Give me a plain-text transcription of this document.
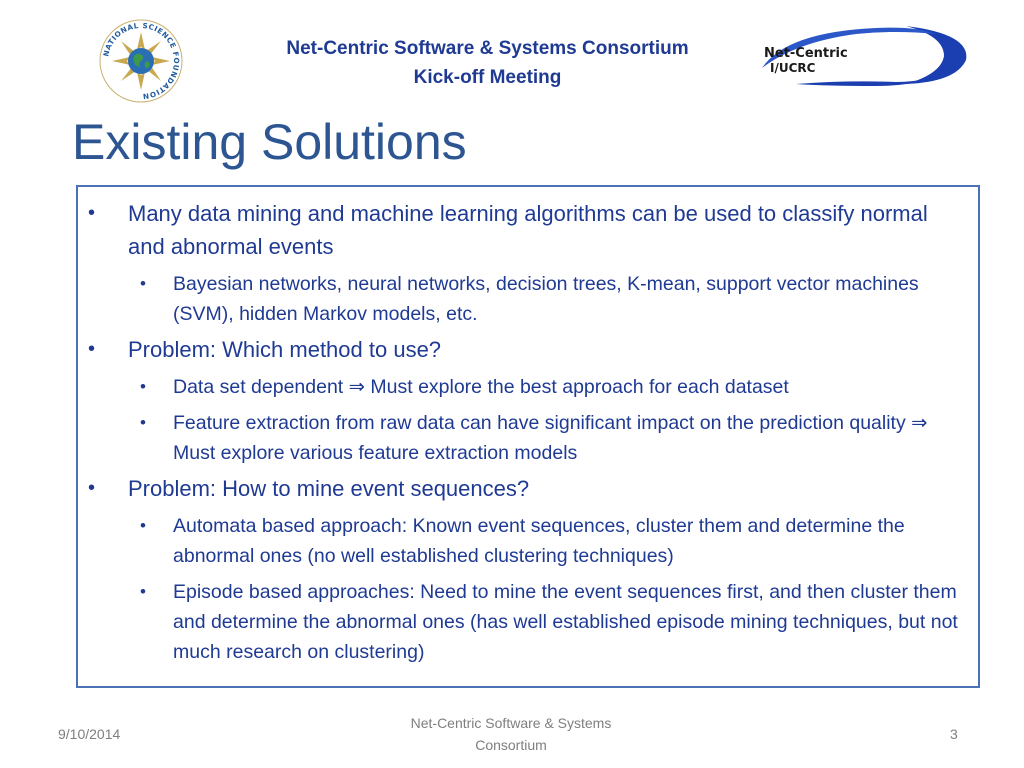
NATIONAL SCIENCE FOUNDATION
Net-Centric Software & Systems Consortium
Kick-off Meeting
Net-Centric
I/UCRC
Existing Solutions
• Many data mining and machine learning algorithms can be used to classify normal and abnormal events
• Bayesian networks, neural networks, decision trees, K-mean, support vector machines (SVM), hidden Markov models, etc.
• Problem: Which method to use?
• Data set dependent ⇒ Must explore the best approach for each dataset
• Feature extraction from raw data can have significant impact on the prediction quality ⇒ Must explore various feature extraction models
• Problem: How to mine event sequences?
• Automata based approach: Known event sequences, cluster them and determine the abnormal ones (no well established clustering techniques)
• Episode based approaches: Need to mine the event sequences first, and then cluster them and determine the abnormal ones (has well established episode mining techniques, but not much research on clustering)
9/10/2014
Net-Centric Software & Systems
Consortium
3
